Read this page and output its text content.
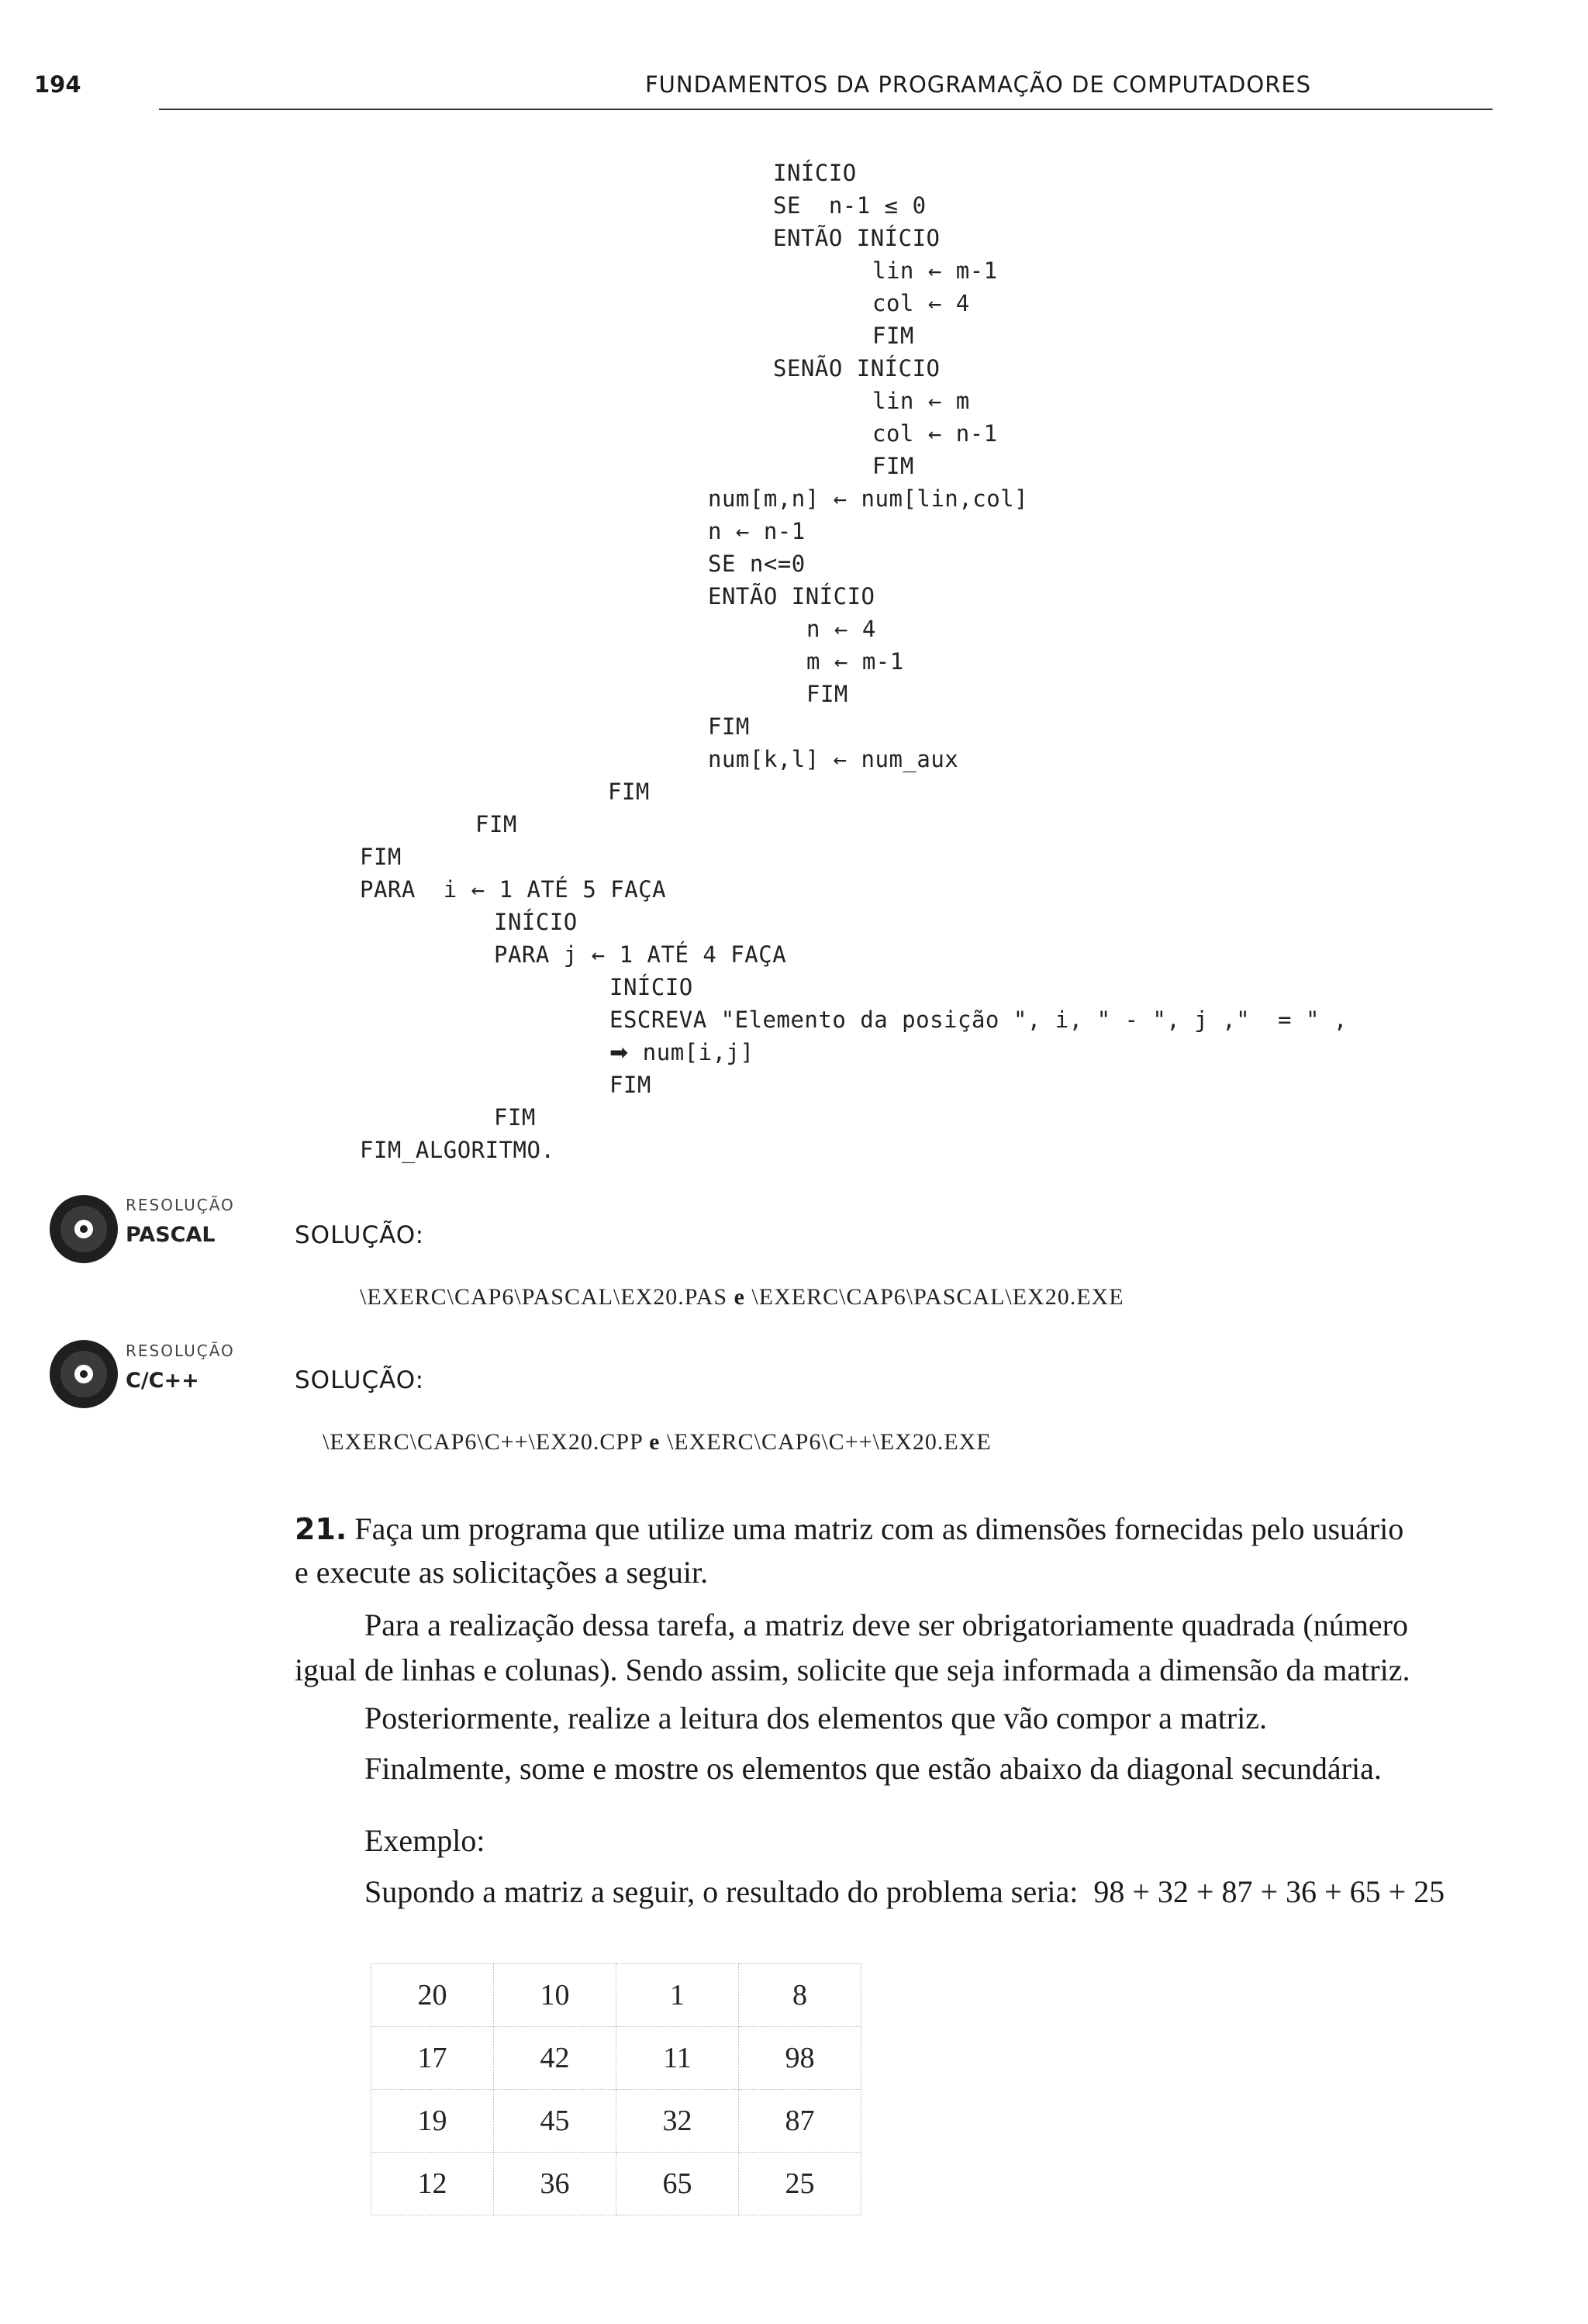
194	FUNDAMENTOS DA PROGRAMAÇÃO DE COMPUTADORES
INÍCIO
SE  n-1 ≤ 0
ENTÃO INÍCIO
lin ← m-1
col ← 4
FIM
SENÃO INÍCIO
lin ← m
col ← n-1
FIM
num[m,n] ← num[lin,col]
n ← n-1
SE n<=0
ENTÃO INÍCIO
n ← 4
m ← m-1
FIM
FIM
num[k,l] ← num_aux
FIM
FIM
FIM
PARA  i ← 1 ATÉ 5 FAÇA
INÍCIO
PARA j ← 1 ATÉ 4 FAÇA
INÍCIO
ESCREVA "Elemento da posição ", i, " - ", j ,"  = " ,
➡ num[i,j]
FIM
FIM
FIM_ALGORITMO.
RESOLUÇÃO
PASCAL	SOLUÇÃO:
\EXERC\CAP6\PASCAL\EX20.PAS e \EXERC\CAP6\PASCAL\EX20.EXE
RESOLUÇÃO
C/C++	SOLUÇÃO:
\EXERC\CAP6\C++\EX20.CPP e \EXERC\CAP6\C++\EX20.EXE
21. Faça um programa que utilize uma matriz com as dimensões fornecidas pelo usuário
e execute as solicitações a seguir.
Para a realização dessa tarefa, a matriz deve ser obrigatoriamente quadrada (número
igual de linhas e colunas). Sendo assim, solicite que seja informada a dimensão da matriz.
Posteriormente, realize a leitura dos elementos que vão compor a matriz.
Finalmente, some e mostre os elementos que estão abaixo da diagonal secundária.
Exemplo:
Supondo a matriz a seguir, o resultado do problema seria:  98 + 32 + 87 + 36 + 65 + 25
20	10	1	8
17	42	11	98
19	45	32	87
12	36	65	25
